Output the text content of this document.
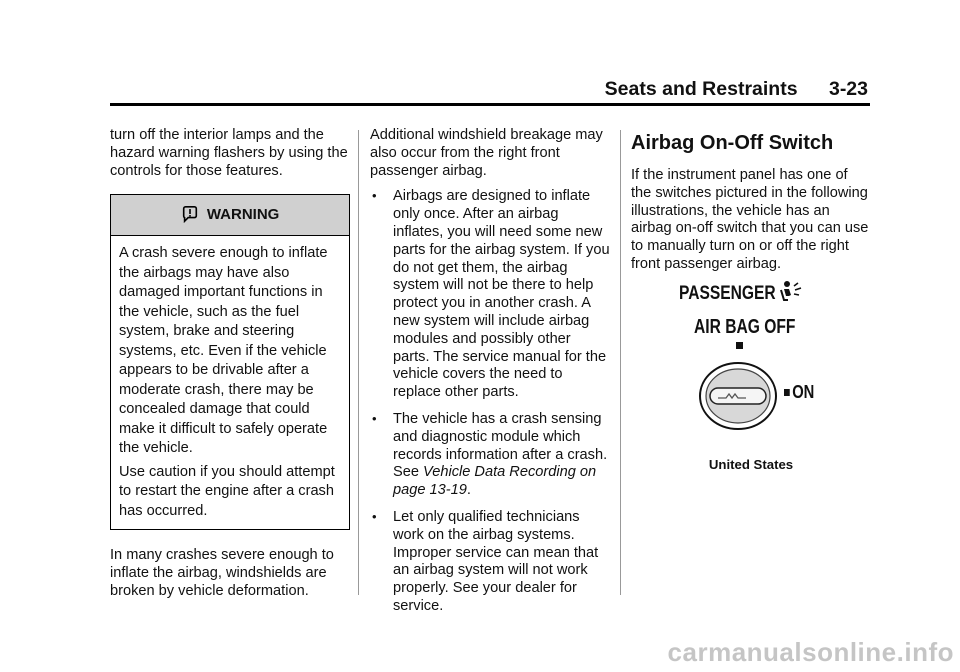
Seats and Restraints 3-23

turn off the interior lamps and the hazard warning flashers by using the controls for those features.

WARNING

A crash severe enough to inflate the airbags may have also damaged important functions in the vehicle, such as the fuel system, brake and steering systems, etc. Even if the vehicle appears to be drivable after a moderate crash, there may be concealed damage that could make it difficult to safely operate the vehicle.

Use caution if you should attempt to restart the engine after a crash has occurred.

In many crashes severe enough to inflate the airbag, windshields are broken by vehicle deformation.

Additional windshield breakage may also occur from the right front passenger airbag.

• Airbags are designed to inflate only once. After an airbag inflates, you will need some new parts for the airbag system. If you do not get them, the airbag system will not be there to help protect you in another crash. A new system will include airbag modules and possibly other parts. The service manual for the vehicle covers the need to replace other parts.
• The vehicle has a crash sensing and diagnostic module which records information after a crash. See Vehicle Data Recording on page 13-19.
• Let only qualified technicians work on the airbag systems. Improper service can mean that an airbag system will not work properly. See your dealer for service.

Airbag On-Off Switch

If the instrument panel has one of the switches pictured in the following illustrations, the vehicle has an airbag on-off switch that you can use to manually turn on or off the right front passenger airbag.

PASSENGER
AIR BAG OFF
ON
United States
carmanualsonline.info
